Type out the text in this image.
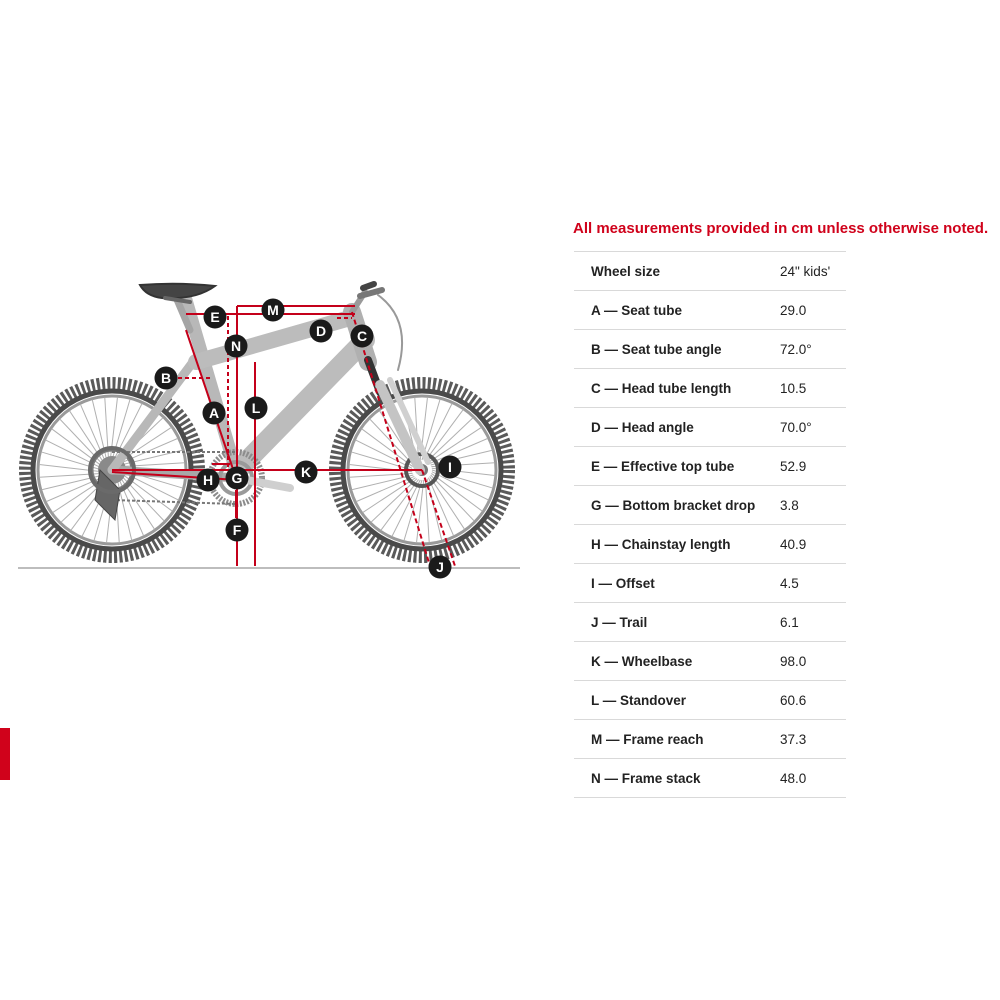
A
B
C
D
E
F
G
H
I
J
K
L
M
N
All measurements provided in cm unless otherwise noted.
Wheel size	24" kids'
A — Seat tube	29.0
B — Seat tube angle	72.0°
C — Head tube length	10.5
D — Head angle	70.0°
E — Effective top tube	52.9
G — Bottom bracket drop	3.8
H — Chainstay length	40.9
I — Offset	4.5
J — Trail	6.1
K — Wheelbase	98.0
L — Standover	60.6
M — Frame reach	37.3
N — Frame stack	48.0
